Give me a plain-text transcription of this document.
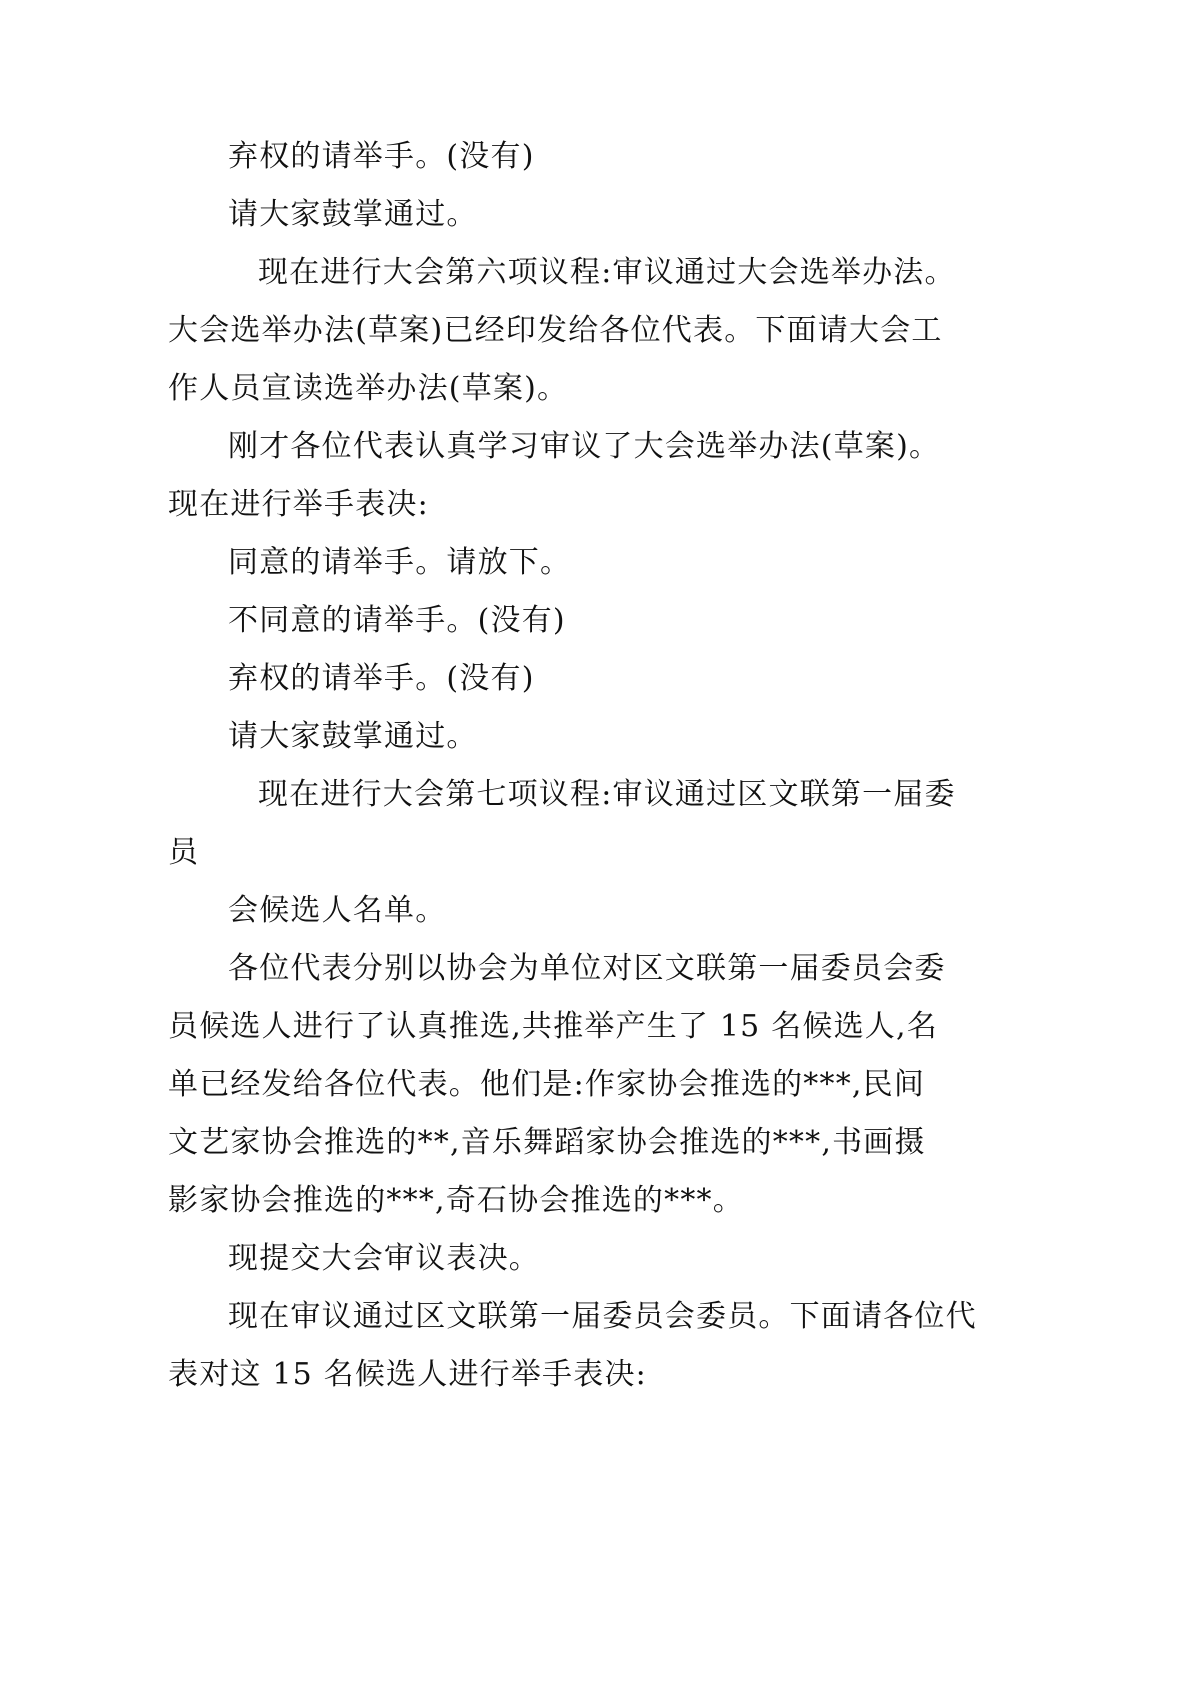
弃权的请举手。(没有)
请大家鼓掌通过。
现在进行大会第六项议程:审议通过大会选举办法。
大会选举办法(草案)已经印发给各位代表。下面请大会工
作人员宣读选举办法(草案)。
刚才各位代表认真学习审议了大会选举办法(草案)。
现在进行举手表决:
同意的请举手。请放下。
不同意的请举手。(没有)
弃权的请举手。(没有)
请大家鼓掌通过。
现在进行大会第七项议程:审议通过区文联第一届委
员
会候选人名单。
各位代表分别以协会为单位对区文联第一届委员会委
员候选人进行了认真推选,共推举产生了 15 名候选人,名
单已经发给各位代表。他们是:作家协会推选的***,民间
文艺家协会推选的**,音乐舞蹈家协会推选的***,书画摄
影家协会推选的***,奇石协会推选的***。
现提交大会审议表决。
现在审议通过区文联第一届委员会委员。下面请各位代
表对这 15 名候选人进行举手表决:
